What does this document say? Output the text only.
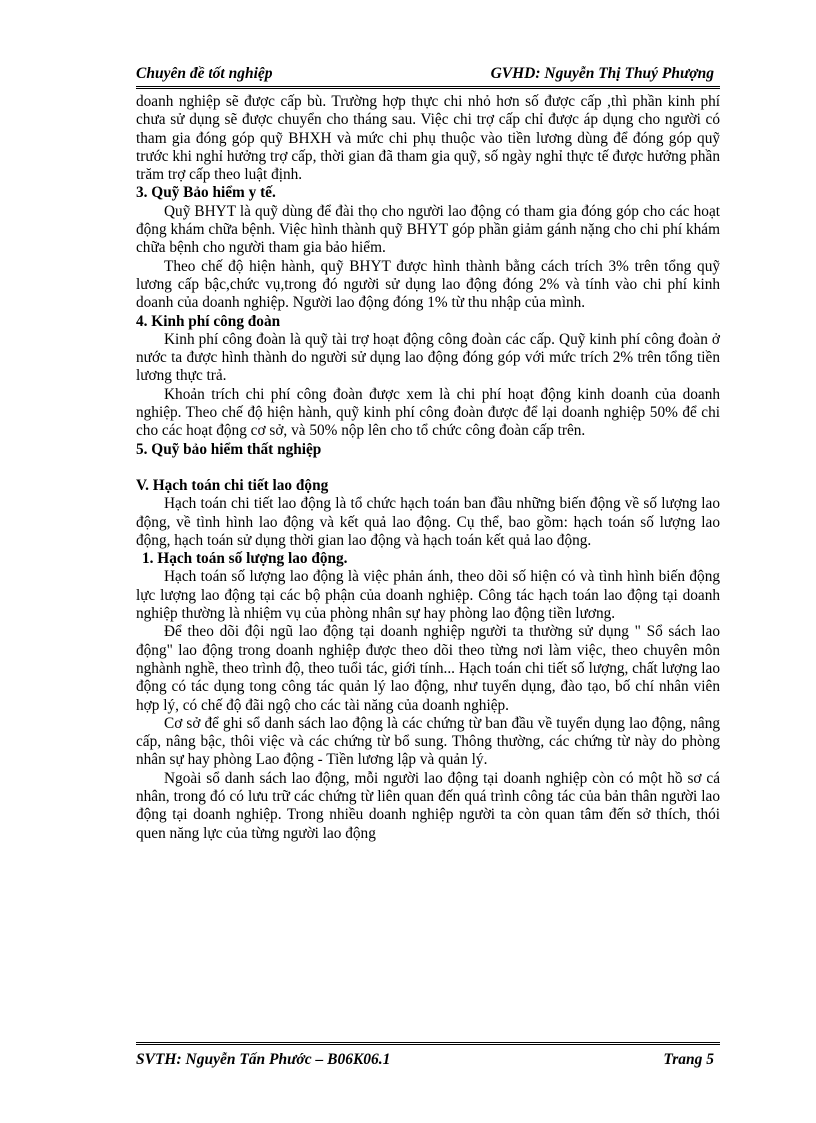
Chuyên đề tốt nghiệp	GVHD: Nguyễn Thị Thuý Phượng

doanh nghiệp sẽ được cấp bù. Trường hợp thực chi nhỏ hơn số được cấp ,thì phần kinh phí chưa sử dụng sẽ được chuyển cho tháng sau. Việc chi trợ cấp chỉ được áp dụng cho người có tham gia đóng góp quỹ BHXH và mức chi phụ thuộc vào tiền lương dùng để đóng góp quỹ trước khi nghỉ hưởng trợ cấp, thời gian đã tham gia quỹ, số ngày nghỉ thực tế được hưởng phần trăm trợ cấp theo luật định.

3. Quỹ Bảo hiểm y tế.

Quỹ BHYT là quỹ dùng để đài thọ cho người lao động có tham gia đóng góp cho các hoạt động khám chữa bệnh. Việc hình thành quỹ BHYT góp phần giảm gánh nặng cho chi phí khám chữa bệnh cho người tham gia bảo hiểm.

Theo chế độ hiện hành, quỹ BHYT được hình thành bằng cách trích 3% trên tổng quỹ lương cấp bậc,chức vụ,trong đó người sử dụng lao động đóng 2% và tính vào chi phí kinh doanh của doanh nghiệp. Người lao động đóng 1% từ thu nhập của mình.

4. Kinh phí công đoàn

Kinh phí công đoàn là quỹ tài trợ hoạt động công đoàn các cấp. Quỹ kinh phí công đoàn ở nước ta được hình thành do người sử dụng lao động đóng góp với mức trích 2% trên tổng tiền lương thực trả.

Khoản trích chi phí công đoàn được xem là chi phí hoạt động kinh doanh của doanh nghiệp. Theo chế độ hiện hành, quỹ kinh phí công đoàn được để lại doanh nghiệp 50% để chi cho các hoạt động cơ sở, và 50% nộp lên cho tổ chức công đoàn cấp trên.

5. Quỹ bảo hiểm thất nghiệp

V. Hạch toán chi tiết lao động

Hạch toán chi tiết lao động là tổ chức hạch toán ban đầu những biến động về số lượng lao động, về tình hình lao động và kết quả lao động. Cụ thể, bao gồm: hạch toán số lượng lao động, hạch toán sử dụng thời gian lao động và hạch toán kết quả lao động.

1. Hạch toán số lượng lao động.

Hạch toán số lượng lao động là việc phản ánh, theo dõi số hiện có và tình hình biến động lực lượng lao động tại các bộ phận của doanh nghiệp. Công tác hạch toán lao động tại doanh nghiệp thường là nhiệm vụ của phòng nhân sự hay phòng lao động tiền lương.

Để theo dõi đội ngũ lao động tại doanh nghiệp người ta thường sử dụng " Sổ sách lao động" lao động trong doanh nghiệp được theo dõi theo từng nơi làm việc, theo chuyên môn nghành nghề, theo trình độ, theo tuổi tác, giới tính... Hạch toán chi tiết số lượng, chất lượng lao động có tác dụng tong công tác quản lý lao động, như tuyển dụng, đào tạo, bố chí nhân viên hợp lý, có chế độ đãi ngộ cho các tài năng của doanh nghiệp.

Cơ sở để ghi sổ danh sách lao động là các chứng từ ban đầu về tuyển dụng lao động, nâng cấp, nâng bậc, thôi việc và các chứng từ bổ sung. Thông thường, các chứng từ này do phòng nhân sự hay phòng Lao động - Tiền lương lập và quản lý.

Ngoài sổ danh sách lao động, mỗi người lao động tại doanh nghiệp còn có một hồ sơ cá nhân, trong đó có lưu trữ các chứng từ liên quan đến quá trình công tác của bản thân người lao động tại doanh nghiệp. Trong nhiều doanh nghiệp người ta còn quan tâm đến sở thích, thói quen năng lực của từng người lao động

SVTH: Nguyễn Tấn Phước – B06K06.1	Trang 5
